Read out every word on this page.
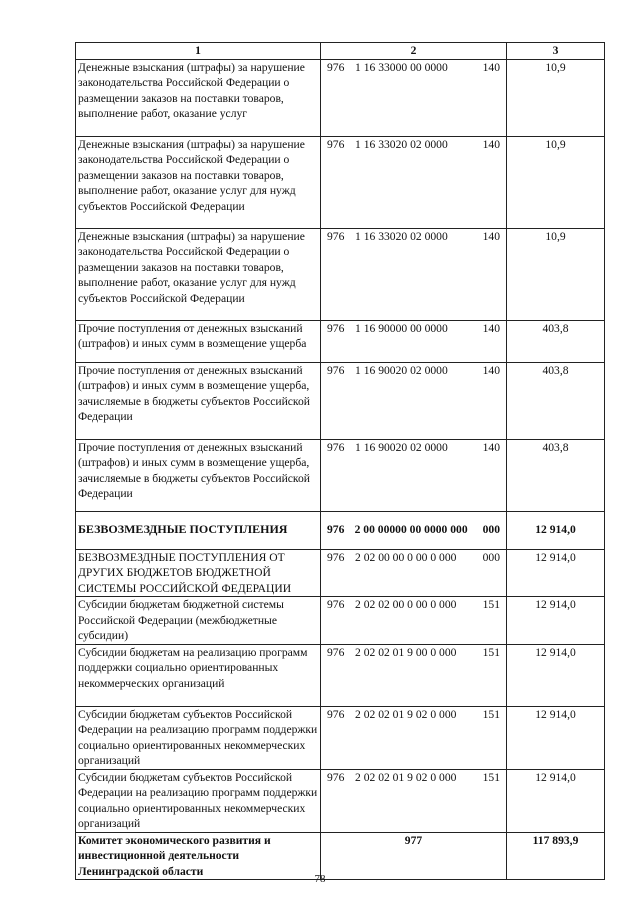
1	2	3
Денежные взыскания (штрафы) за нарушение законодательства Российской Федерации о размещении заказов на поставки товаров, выполнение работ, оказание услуг	976 1 16 33000 00 0000 140	10,9
Денежные взыскания (штрафы) за нарушение законодательства Российской Федерации о размещении заказов на поставки товаров, выполнение работ, оказание услуг для нужд субъектов Российской Федерации	976 1 16 33020 02 0000 140	10,9
Денежные взыскания (штрафы) за нарушение законодательства Российской Федерации о размещении заказов на поставки товаров, выполнение работ, оказание услуг для нужд субъектов Российской Федерации	976 1 16 33020 02 0000 140	10,9
Прочие поступления от денежных взысканий (штрафов) и иных сумм в возмещение ущерба	976 1 16 90000 00 0000 140	403,8
Прочие поступления от денежных взысканий (штрафов) и иных сумм в возмещение ущерба, зачисляемые в бюджеты субъектов Российской Федерации	976 1 16 90020 02 0000 140	403,8
Прочие поступления от денежных взысканий (штрафов) и иных сумм в возмещение ущерба, зачисляемые в бюджеты субъектов Российской Федерации	976 1 16 90020 02 0000 140	403,8
БЕЗВОЗМЕЗДНЫЕ ПОСТУПЛЕНИЯ	976 2 00 00000 00 0000 000 000	12 914,0
БЕЗВОЗМЕЗДНЫЕ ПОСТУПЛЕНИЯ ОТ ДРУГИХ БЮДЖЕТОВ БЮДЖЕТНОЙ СИСТЕМЫ РОССИЙСКОЙ ФЕДЕРАЦИИ	976 2 02 00 00 0 00 0 000 000	12 914,0
Субсидии бюджетам бюджетной системы Российской Федерации (межбюджетные субсидии)	976 2 02 02 00 0 00 0 000 151	12 914,0
Субсидии бюджетам на реализацию программ поддержки социально ориентированных некоммерческих организаций	976 2 02 02 01 9 00 0 000 151	12 914,0
Субсидии бюджетам субъектов Российской Федерации на реализацию программ поддержки социально ориентированных некоммерческих организаций	976 2 02 02 01 9 02 0 000 151	12 914,0
Субсидии бюджетам субъектов Российской Федерации на реализацию программ поддержки социально ориентированных некоммерческих организаций	976 2 02 02 01 9 02 0 000 151	12 914,0
Комитет экономического развития и инвестиционной деятельности Ленинградской области	977	117 893,9
78
